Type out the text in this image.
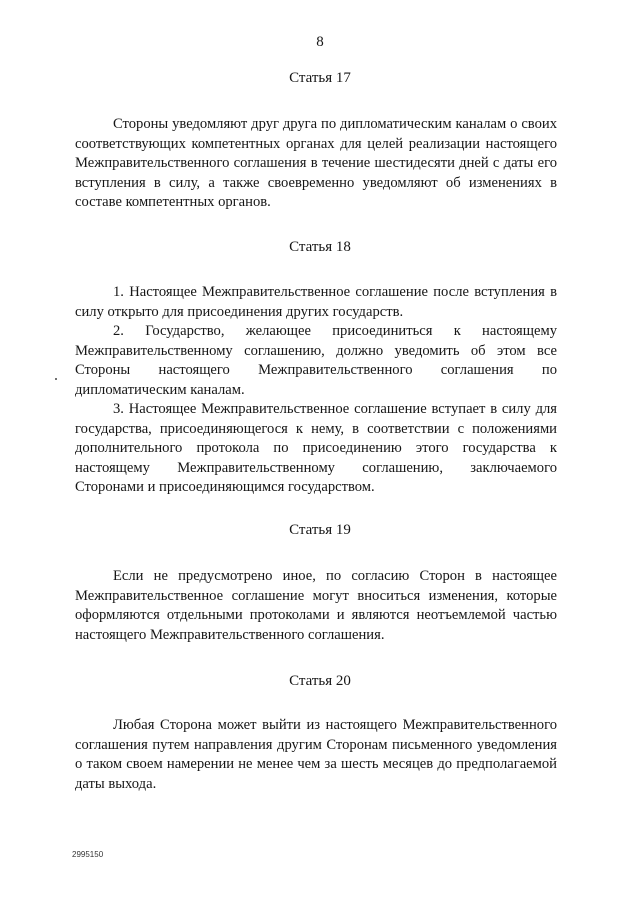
8
Статья 17

Стороны уведомляют друг друга по дипломатическим каналам о своих соответствующих компетентных органах для целей реализации настоящего Межправительственного соглашения в течение шестидесяти дней с даты его вступления в силу, а также своевременно уведомляют об изменениях в составе компетентных органов.

Статья 18

1. Настоящее Межправительственное соглашение после вступления в силу открыто для присоединения других государств.

2. Государство, желающее присоединиться к настоящему Межправительственному соглашению, должно уведомить об этом все Стороны настоящего Межправительственного соглашения по дипломатическим каналам.

3. Настоящее Межправительственное соглашение вступает в силу для государства, присоединяющегося к нему, в соответствии с положениями дополнительного протокола по присоединению этого государства к настоящему Межправительственному соглашению, заключаемого Сторонами и присоединяющимся государством.

Статья 19

Если не предусмотрено иное, по согласию Сторон в настоящее Межправительственное соглашение могут вноситься изменения, которые оформляются отдельными протоколами и являются неотъемлемой частью настоящего Межправительственного соглашения.

Статья 20

Любая Сторона может выйти из настоящего Межправительственного соглашения путем направления другим Сторонам письменного уведомления о таком своем намерении не менее чем за шесть месяцев до предполагаемой даты выхода.

2995150
